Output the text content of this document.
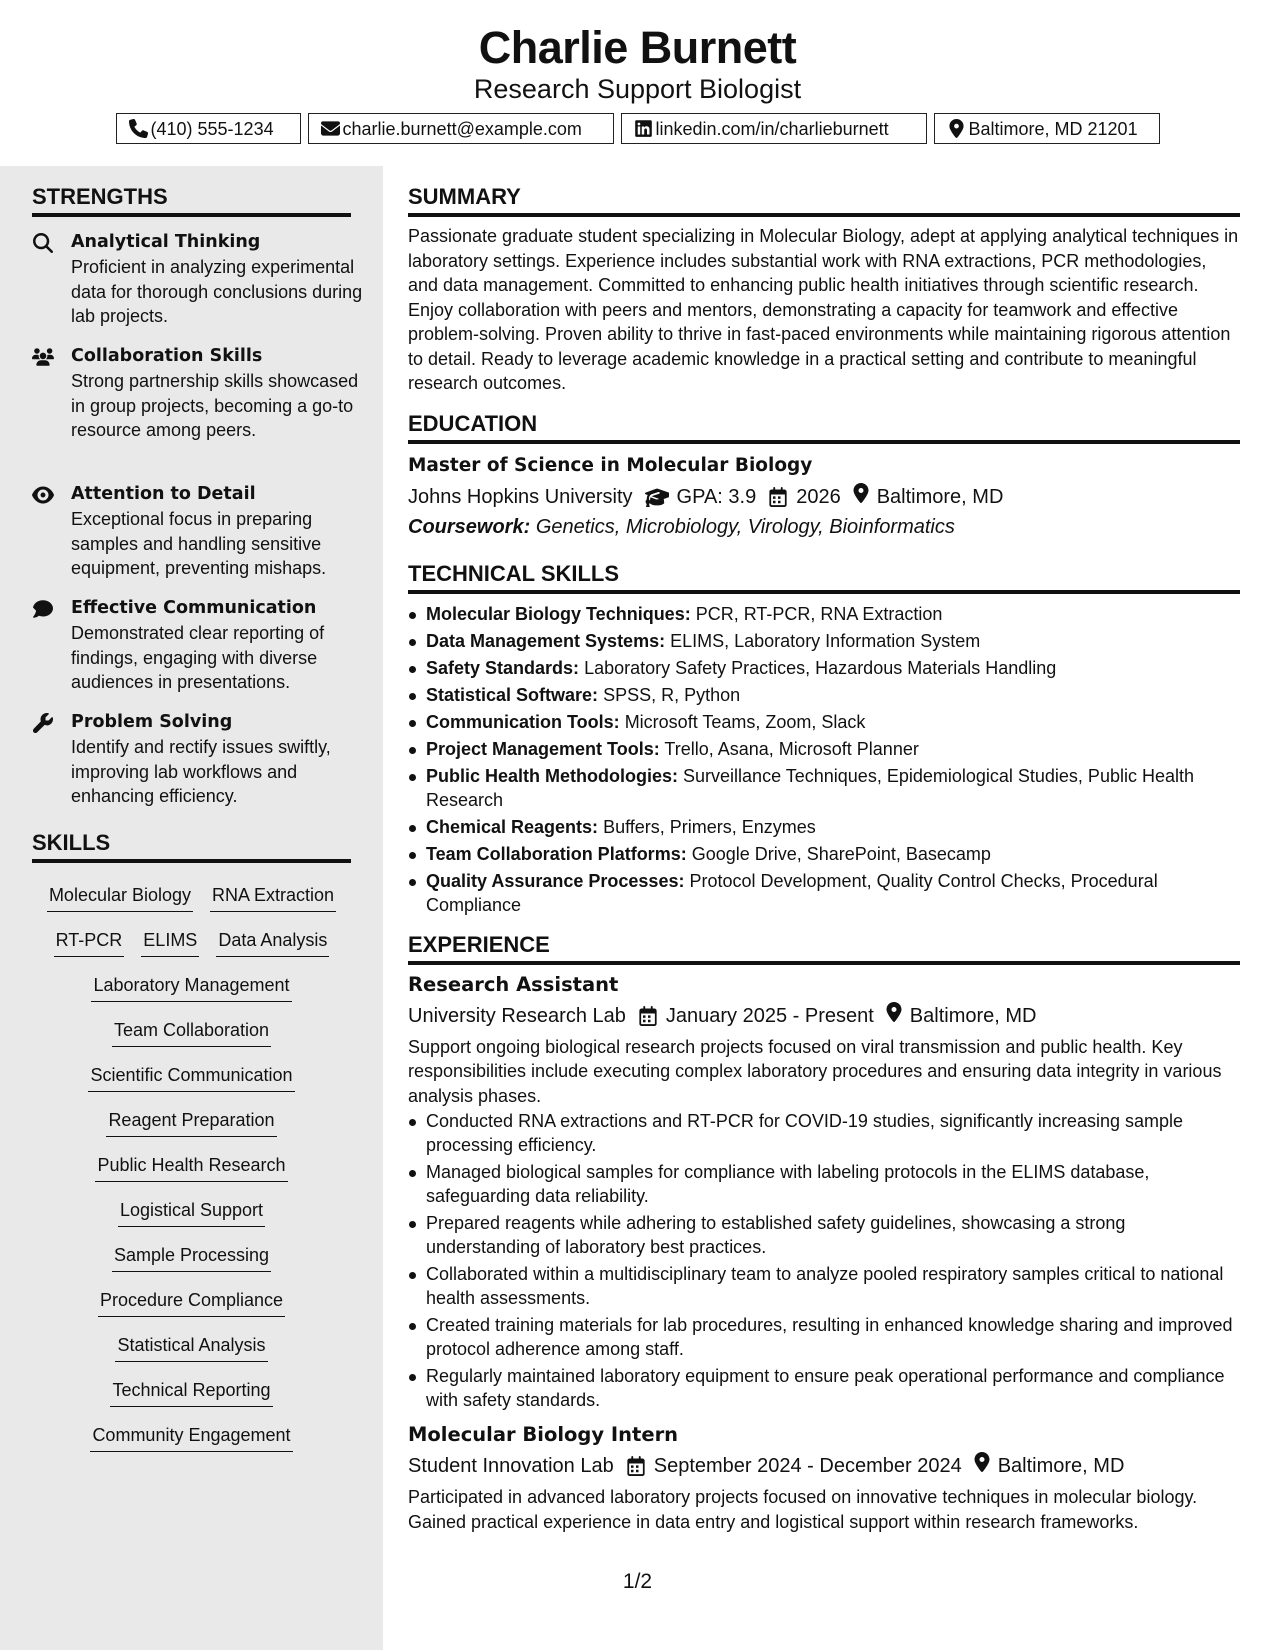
Charlie Burnett
Research Support Biologist
(410) 555-1234	charlie.burnett@example.com	linkedin.com/in/charlieburnett	Baltimore, MD 21201
STRENGTHS
Analytical Thinking
Proficient in analyzing experimental data for thorough conclusions during lab projects.
Collaboration Skills
Strong partnership skills showcased in group projects, becoming a go-to resource among peers.
Attention to Detail
Exceptional focus in preparing samples and handling sensitive equipment, preventing mishaps.
Effective Communication
Demonstrated clear reporting of findings, engaging with diverse audiences in presentations.
Problem Solving
Identify and rectify issues swiftly, improving lab workflows and enhancing efficiency.
SKILLS
Molecular Biology RNA Extraction
RT-PCR ELIMS Data Analysis
Laboratory Management
Team Collaboration
Scientific Communication
Reagent Preparation
Public Health Research
Logistical Support
Sample Processing
Procedure Compliance
Statistical Analysis
Technical Reporting
Community Engagement
SUMMARY

Passionate graduate student specializing in Molecular Biology, adept at applying analytical techniques in laboratory settings. Experience includes substantial work with RNA extractions, PCR methodologies, and data management. Committed to enhancing public health initiatives through scientific research. Enjoy collaboration with peers and mentors, demonstrating a capacity for teamwork and effective problem-solving. Proven ability to thrive in fast-paced environments while maintaining rigorous attention to detail. Ready to leverage academic knowledge in a practical setting and contribute to meaningful research outcomes.

EDUCATION
Master of Science in Molecular Biology
Johns Hopkins University GPA: 3.9 2026 Baltimore, MD
Coursework: Genetics, Microbiology, Virology, Bioinformatics
TECHNICAL SKILLS
Molecular Biology Techniques: PCR, RT-PCR, RNA Extraction
Data Management Systems: ELIMS, Laboratory Information System
Safety Standards: Laboratory Safety Practices, Hazardous Materials Handling
Statistical Software: SPSS, R, Python
Communication Tools: Microsoft Teams, Zoom, Slack
Project Management Tools: Trello, Asana, Microsoft Planner
Public Health Methodologies: Surveillance Techniques, Epidemiological Studies, Public Health Research
Chemical Reagents: Buffers, Primers, Enzymes
Team Collaboration Platforms: Google Drive, SharePoint, Basecamp
Quality Assurance Processes: Protocol Development, Quality Control Checks, Procedural Compliance
EXPERIENCE
Research Assistant
University Research Lab January 2025 - Present Baltimore, MD

Support ongoing biological research projects focused on viral transmission and public health. Key responsibilities include executing complex laboratory procedures and ensuring data integrity in various analysis phases.

Conducted RNA extractions and RT-PCR for COVID-19 studies, significantly increasing sample processing efficiency.
Managed biological samples for compliance with labeling protocols in the ELIMS database, safeguarding data reliability.
Prepared reagents while adhering to established safety guidelines, showcasing a strong understanding of laboratory best practices.
Collaborated within a multidisciplinary team to analyze pooled respiratory samples critical to national health assessments.
Created training materials for lab procedures, resulting in enhanced knowledge sharing and improved protocol adherence among staff.
Regularly maintained laboratory equipment to ensure peak operational performance and compliance with safety standards.
Molecular Biology Intern
Student Innovation Lab September 2024 - December 2024 Baltimore, MD

Participated in advanced laboratory projects focused on innovative techniques in molecular biology. Gained practical experience in data entry and logistical support within research frameworks.

1/2
